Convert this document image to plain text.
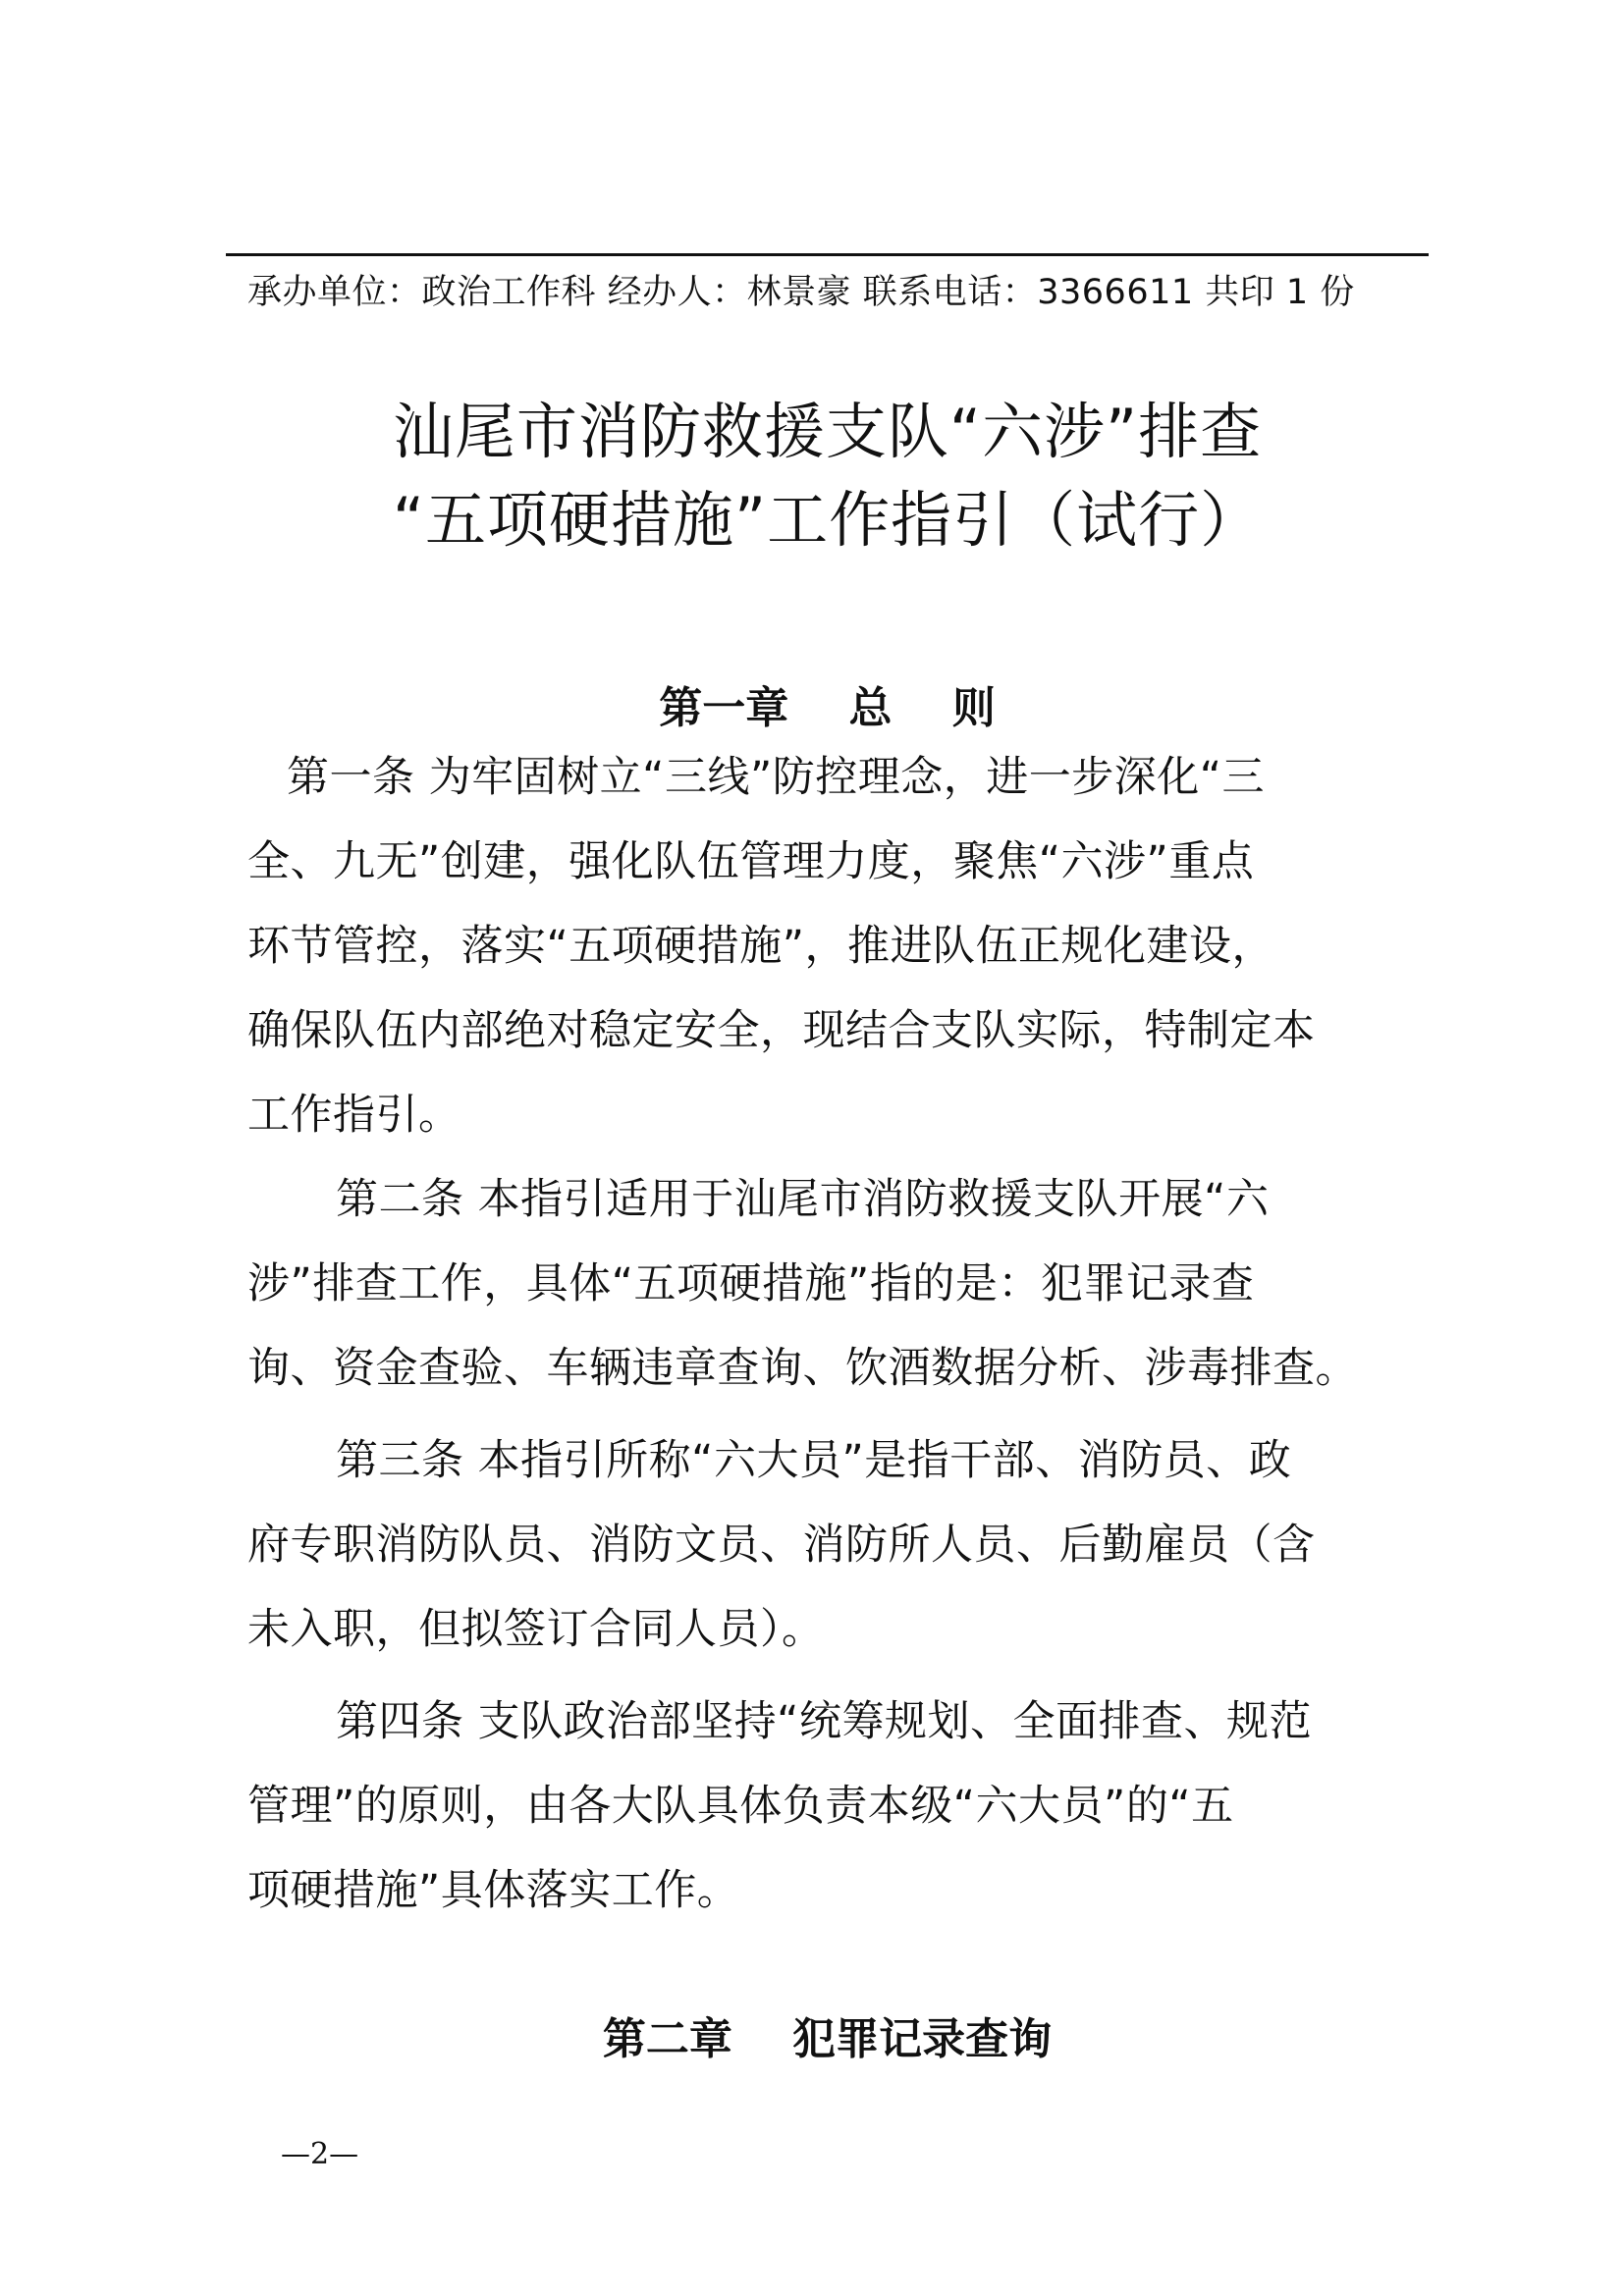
承办单位：政治工作科 经办人：林景豪 联系电话：3366611 共印 1 份
汕尾市消防救援支队“六涉”排查
“五项硬措施”工作指引（试行）
第一章    总    则
第一条 为牢固树立“三线”防控理念，进一步深化“三
全、九无”创建，强化队伍管理力度，聚焦“六涉”重点
环节管控，落实“五项硬措施”，推进队伍正规化建设，
确保队伍内部绝对稳定安全，现结合支队实际，特制定本
工作指引。
第二条 本指引适用于汕尾市消防救援支队开展“六
涉”排查工作，具体“五项硬措施”指的是：犯罪记录查
询、资金查验、车辆违章查询、饮酒数据分析、涉毒排查。
第三条 本指引所称“六大员”是指干部、消防员、政
府专职消防队员、消防文员、消防所人员、后勤雇员（含
未入职，但拟签订合同人员）。
第四条 支队政治部坚持“统筹规划、全面排查、规范
管理”的原则，由各大队具体负责本级“六大员”的“五
项硬措施”具体落实工作。
第二章    犯罪记录查询
—2—
